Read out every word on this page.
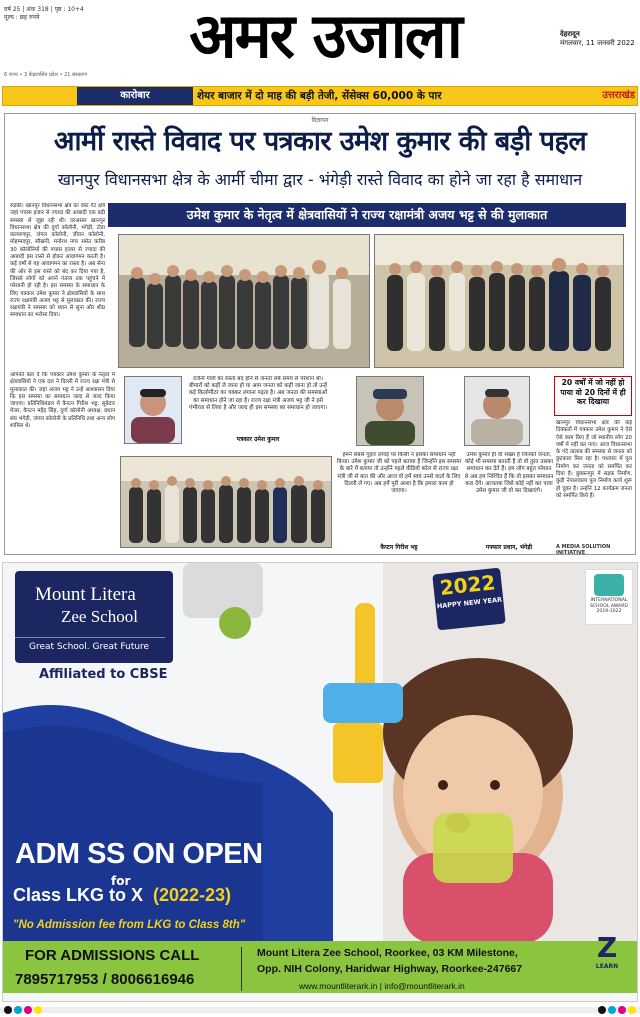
वर्ष 25 | अंक 318 | पृष्ठ : 10+4
मूल्य : छह रुपये	अमर उजाला	देहरादून
मंगलवार, 11 जनवरी 2022
6 राज्य • 3 केंद्रशासित प्रदेश • 21 संस्करण
कारोबार	शेयर बाजार में दो माह की बड़ी तेजी, सेंसेक्स 60,000 के पार	उत्तराखंड
विज्ञापन
आर्मी रास्ते विवाद पर पत्रकार उमेश कुमार की बड़ी पहल
खानपुर विधानसभा क्षेत्र के आर्मी चीमा द्वार - भंगेड़ी रास्ते विवाद का होने जा रहा है समाधान
उमेश कुमार के नेतृत्व में क्षेत्रवासियों ने राज्य रक्षामंत्री अजय भट्ट से की मुलाकात
रुड़की। खानपुर विधानसभा क्षेत्र का वेस्ट गेट क्षेत्र जहां पचास हजार से ज्यादा की आबादी एक बड़ी समस्या से जूझ रही थी। दरअसल खानपुर विधानसभा क्षेत्र की दुर्गा कॉलोनी, भंगेड़ी, टोडा कल्याणपुर, जंगल कॉलोनी, जीवन कॉलोनी, मोहम्मदपुर, सौखनी, मनोरथ नगर समेत करीब 30 कॉलोनियों की पचास हजार से ज्यादा की आबादी इस रास्ते से होकर आवागमन करती है। कई वर्षों से यह आवागमन का रास्ता है। अब सेना की ओर से इस रास्ते को बंद कर दिया गया है, जिससे लोगों को अपने गंतव्य तक पहुंचने में परेशानी हो रही है। इस समस्या के समाधान के लिए पत्रकार उमेश कुमार ने क्षेत्रवासियों के साथ राज्य रक्षामंत्री अजय भट्ट से मुलाकात की। राज्य रक्षामंत्री ने समस्या को ध्यान से सुना और शीघ्र समाधान का भरोसा दिया।
आपको बता दें कि पत्रकार उमेश कुमार के नेतृत्व में क्षेत्रवासियों ने एक दल ने दिल्ली में राज्य रक्षा मंत्री से मुलाकात की। जहां अजय भट्ट ने उन्हें आश्वासन दिया कि इस समस्या का समाधान जल्द से जल्द किया जाएगा। प्रतिनिधिमंडल में कैप्टन गिरीश भट्ट, सूबेदार मेजर, कैप्टन महेंद्र सिंह, दुर्गा कॉलोनी अध्यक्ष, प्रधान संघ भंगेड़ी, जंगल कॉलोनी के प्रतिनिधि तथा अन्य लोग शामिल थे।
दर्जनों गांवों का रास्ता बंद होने से जनता लंबे समय से परेशान थी। बीमारों को कहीं ले जाना हो या आम जनता को कहीं जाना हो तो उन्हें कई किलोमीटर का चक्कर लगाना पड़ता है। अब जनता की समस्याओं का समाधान होने जा रहा है। राज्य रक्षा मंत्री अजय भट्ट जी ने इसे गंभीरता से लिया है और जल्द ही इस समस्या का समाधान हो जाएगा।
पत्रकार उमेश कुमार
हमने सबसे गुहार लगाई पर किसी ने इसका समाधान नहीं किया। उमेश कुमार जी को पहले बताया है जिन्होंने इस समस्या के बारे में बताया तो उन्होंने पहले वीडियो कॉल से राज्य रक्षा मंत्री जी से बात की और आज वो हमें स्वयं उनसे वार्ता के लिए दिल्ली ले गए। अब हमें पूरी आशा है कि हमारा काम हो जाएगा।
कैप्टन गिरीश भट्ट
उमेश कुमार ही वो शख्स हैं जिनको जनता, कोई भी समस्या बताती है तो वो तुरंत उसका समाधान कर देते हैं। हम लोग बहुत परेशान थे अब हम निश्चिंत हैं कि वो इसका समाधान करा देंगे। आजतक जिसे कोई नहीं कर पाया उमेश कुमार जी वो कर दिखाएंगे।
गफ्फार प्रधान, भंगेड़ी
20 वर्षों में जो नहीं हो पाया वो 20 दिनों में ही कर दिखाया
खानपुर विधानसभा क्षेत्र की कई दिक्कतों में पत्रकार उमेश कुमार ने ऐसे ऐसे काम किए हैं जो स्थानीय लोग 20 वर्षों में नहीं कर पाए। आज विधानसभा के गंदे तालाब की समस्या से जनता को छुटकारा मिल रहा है। पथवारा में पुल निर्माण कर जनता को समर्पित कर दिया है। बुक्कनपुर में सड़क निर्माण, कुड़ी नेपालवाला पुल निर्माण कार्य शुरू हो चुका है। उन्होंने 12 कार्यक्रम जनता को समर्पित किये हैं।
A MEDIA SOLUTION INITIATIVE
Mount Litera
Zee School
Great School. Great Future
Affiliated to CBSE
2022
HAPPY NEW YEAR	INTERNATIONAL SCHOOL AWARD 2019-2022
ADM SS ON OPEN
for
Class LKG to X (2022-23)
"No Admission fee from LKG to Class 8th"
FOR ADMISSIONS CALL
7895717953 / 8006616946
Mount Litera Zee School, Roorkee, 03 KM Milestone,
Opp. NIH Colony, Haridwar Highway, Roorkee-247667
www.mountliterark.in | info@mountliterark.in
Z
LEARN
